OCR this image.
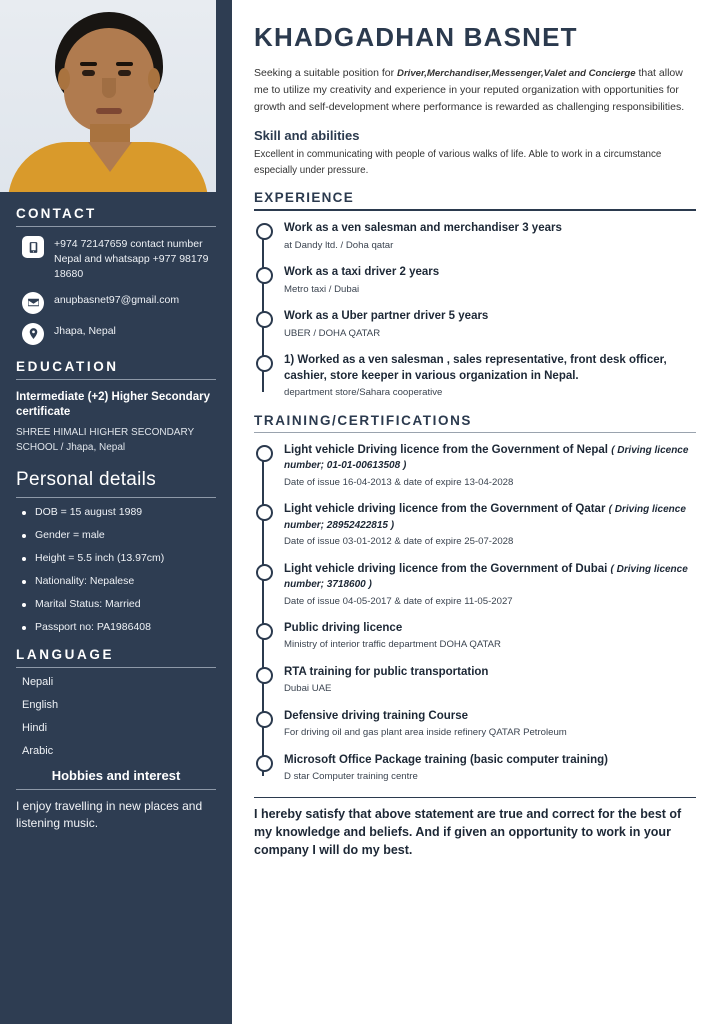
CONTACT
+974 72147659 contact number Nepal and whatsapp +977 98179 18680
anupbasnet97@gmail.com
Jhapa, Nepal
EDUCATION
Intermediate (+2) Higher Secondary certificate
SHREE HIMALI HIGHER SECONDARY SCHOOL / Jhapa, Nepal
Personal details
DOB = 15 august 1989
Gender = male
Height = 5.5 inch (13.97cm)
Nationality: Nepalese
Marital Status: Married
Passport no: PA1986408
LANGUAGE
Nepali
English
Hindi
Arabic
Hobbies and interest
I enjoy travelling in new places and listening music.
KHADGADHAN BASNET

Seeking a suitable position for Driver,Merchandiser,Messenger,Valet and Concierge that allow me to utilize my creativity and experience in your reputed organization with opportunities for growth and self-development where performance is rewarded as challenging responsibilities.

Skill and abilities
Excellent in communicating with people of various walks of life. Able to work in a circumstance especially under pressure.
EXPERIENCE
Work as a ven salesman and merchandiser 3 years
at Dandy ltd. / Doha qatar
Work as a taxi driver 2 years
Metro taxi / Dubai
Work as a Uber partner driver 5 years
UBER / DOHA QATAR
1) Worked as a ven salesman , sales representative, front desk officer, cashier, store keeper in various organization in Nepal.
department store/Sahara cooperative
TRAINING/CERTIFICATIONS
Light vehicle Driving licence from the Government of Nepal ( Driving licence number; 01-01-00613508 )
Date of issue 16-04-2013 & date of expire 13-04-2028
Light vehicle driving licence from the Government of Qatar ( Driving licence number; 28952422815 )
Date of issue 03-01-2012 & date of expire 25-07-2028
Light vehicle driving licence from the Government of Dubai ( Driving licence number; 3718600 )
Date of issue 04-05-2017 & date of expire 11-05-2027
Public driving licence
Ministry of interior traffic department DOHA QATAR
RTA training for public transportation
Dubai UAE
Defensive driving training Course
For driving oil and gas plant area inside refinery QATAR Petroleum
Microsoft Office Package training (basic computer training)
D star Computer training centre
I hereby satisfy that above statement are true and correct for the best of my knowledge and beliefs. And if given an opportunity to work in your company I will do my best.
